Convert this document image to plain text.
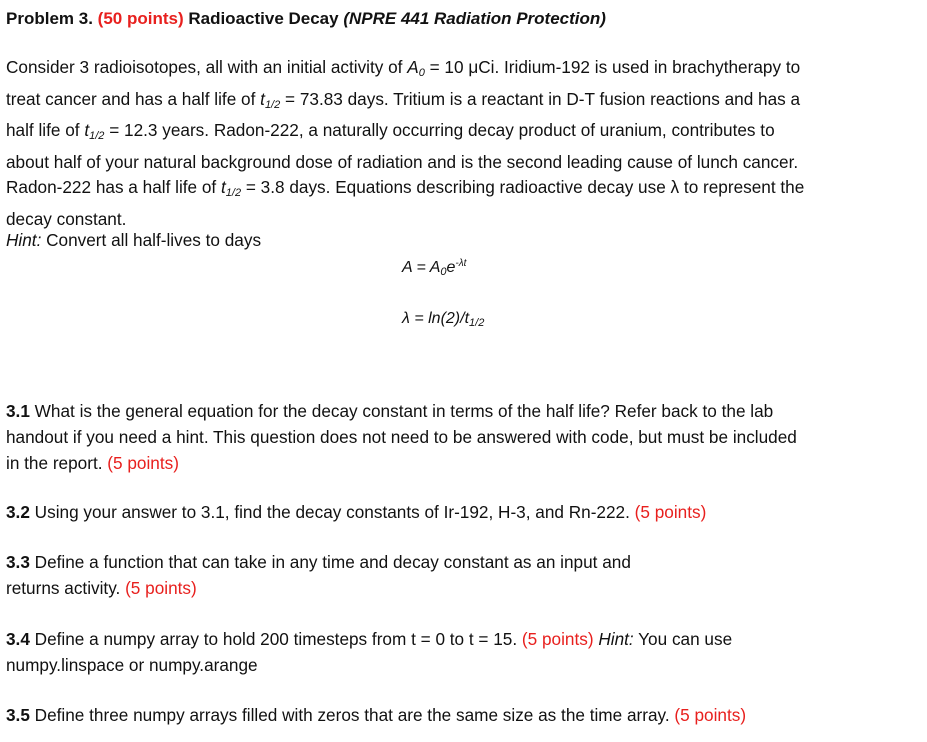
Problem 3. (50 points) Radioactive Decay (NPRE 441 Radiation Protection)
Consider 3 radioisotopes, all with an initial activity of $A_0 = 10$ μCi. Iridium-192 is used in brachytherapy to
treat cancer and has a half life of $t_{1/2} = 73.83$ days. Tritium is a reactant in D-T fusion reactions and has a
half life of $t_{1/2} = 12.3$ years. Radon-222, a naturally occurring decay product of uranium, contributes to
about half of your natural background dose of radiation and is the second leading cause of lunch cancer.
Radon-222 has a half life of $t_{1/2} = 3.8$ days. Equations describing radioactive decay use λ to represent the
decay constant.
Hint: Convert all half-lives to days
$A = A_0e^{-\lambda t}$
$\lambda = \ln(2)/t_{1/2}$
3.1 What is the general equation for the decay constant in terms of the half life? Refer back to the lab
handout if you need a hint. This question does not need to be answered with code, but must be included
in the report. (5 points)
3.2 Using your answer to 3.1, find the decay constants of Ir-192, H-3, and Rn-222. (5 points)
3.3 Define a function that can take in any time and decay constant as an input and
returns activity. (5 points)
3.4 Define a numpy array to hold 200 timesteps from t = 0 to t = 15. (5 points) Hint: You can use
numpy.linspace or numpy.arange
3.5 Define three numpy arrays filled with zeros that are the same size as the time array. (5 points)
